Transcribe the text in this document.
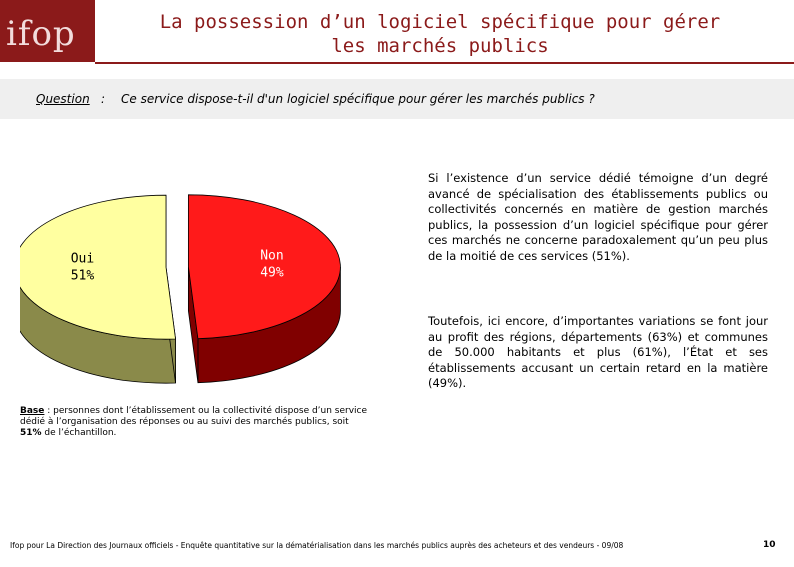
ifop	La possession d’un logiciel spécifique pour gérer
les marchés publics
Question : Ce service dispose-t-il d'un logiciel spécifique pour gérer les marchés publics ?
Oui
51%
Non
49%
Si l’existence d’un service dédié témoigne d’un degré avancé de spécialisation des établissements publics ou collectivités concernés en matière de gestion marchés publics, la possession d’un logiciel spécifique pour gérer ces marchés ne concerne paradoxalement qu’un peu plus de la moitié de ces services (51%).
Toutefois, ici encore, d’importantes variations se font jour au profit des régions, départements (63%) et communes de 50.000 habitants et plus (61%), l’État et ses établissements accusant un certain retard en la matière (49%).
Base : personnes dont l’établissement ou la collectivité dispose d’un service dédié à l’organisation des réponses ou au suivi des marchés publics, soit 51% de l’échantillon.
Ifop pour La Direction des Journaux officiels - Enquête quantitative sur la dématérialisation dans les marchés publics auprès des acheteurs et des vendeurs - 09/08	10
